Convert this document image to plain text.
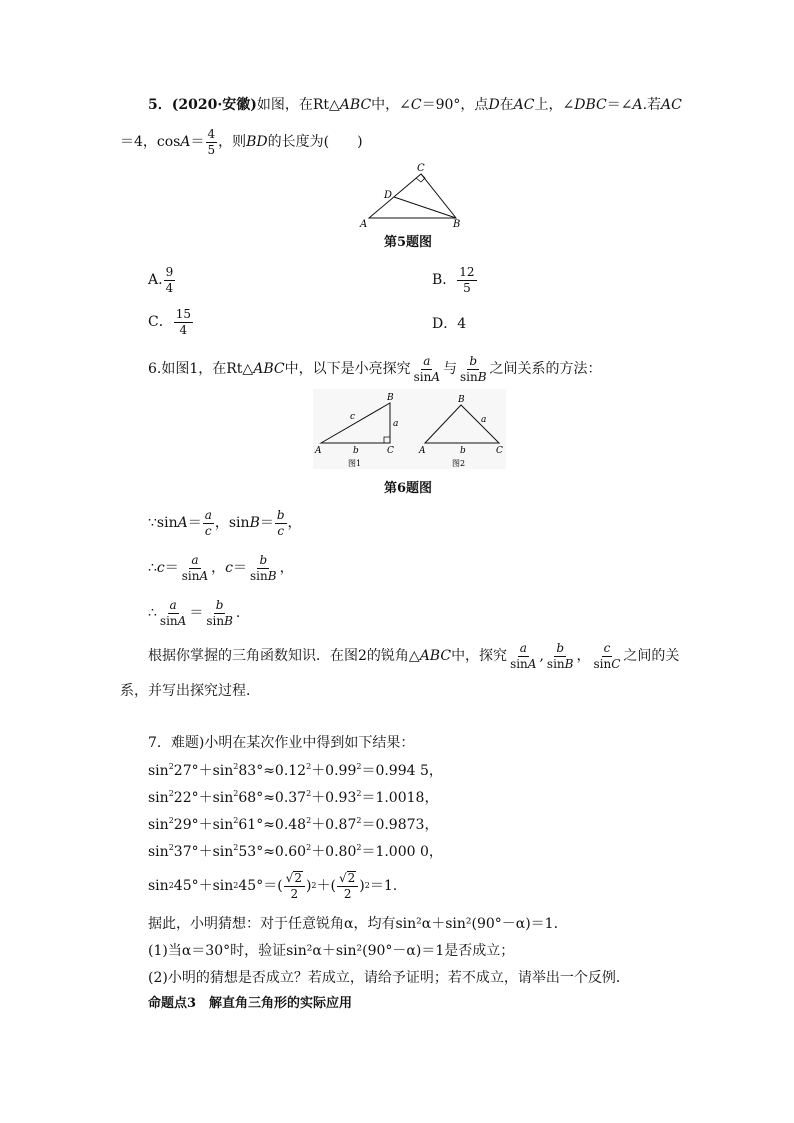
5．(2020·安徽)如图，在Rt△ABC中，∠C＝90°，点D在AC上，∠DBC＝∠A.若AC
＝4，$\cos A = \frac{4}{5}$ ，则 BD 的长度为(　　)
C
D
A	B
第5题图
A. $\frac{9}{4}$	B． $\frac{12}{5}$
C． $\frac{15}{4}$	D．4
6.如图1，在Rt△ ABC 中，以下是小亮探究 $\frac{a}{\sin A}$ 与 $\frac{b}{\sin B}$ 之间关系的方法：
A
B
C
a
b
c
图1
A
B
C
a
b
图2
第6题图
∵sin $A = \frac{a}{c}$ ，$\sin B = \frac{b}{c}$ ，
∴ $c = \frac{a}{\sin A}$ ， $c = \frac{b}{\sin B}$ ，
∴ $\frac{a}{\sin A} = \frac{b}{\sin B}$ .
根据你掌握的三角函数知识．在图2的锐角△ ABC 中，探究 $\frac{a}{\sin A}$ , $\frac{b}{\sin B}$ ， $\frac{c}{\sin C}$ 之间的关
系，并写出探究过程．
7．难题)小明在某次作业中得到如下结果：
$\sin^227^\circ+\sin^283^\circ\approx 0.12^2+0.99^2=0.994$ 5，
$\sin^222^\circ+\sin^268^\circ\approx 0.37^2+0.93^2=1.0018$，
$\sin^229^\circ+\sin^261^\circ\approx 0.48^2+0.87^2=0.9873$，
$\sin^237^\circ+\sin^253^\circ\approx 0.60^2+0.80^2=1.000$ 0，
sin 2 45°＋sin 2 $45^\circ=( \frac{√ 2}{2}$ ) 2 ＋( $\frac{√ 2}{2}$ ) 2 ＝1.
据此，小明猜想：对于任意锐角α，均有sin²α＋sin²(90°－α)＝1.
(1)当α＝30°时，验证sin²α＋sin²(90°－α)＝1是否成立；
(2)小明的猜想是否成立？若成立，请给予证明；若不成立，请举出一个反例．
命题点3　解直角三角形的实际应用
